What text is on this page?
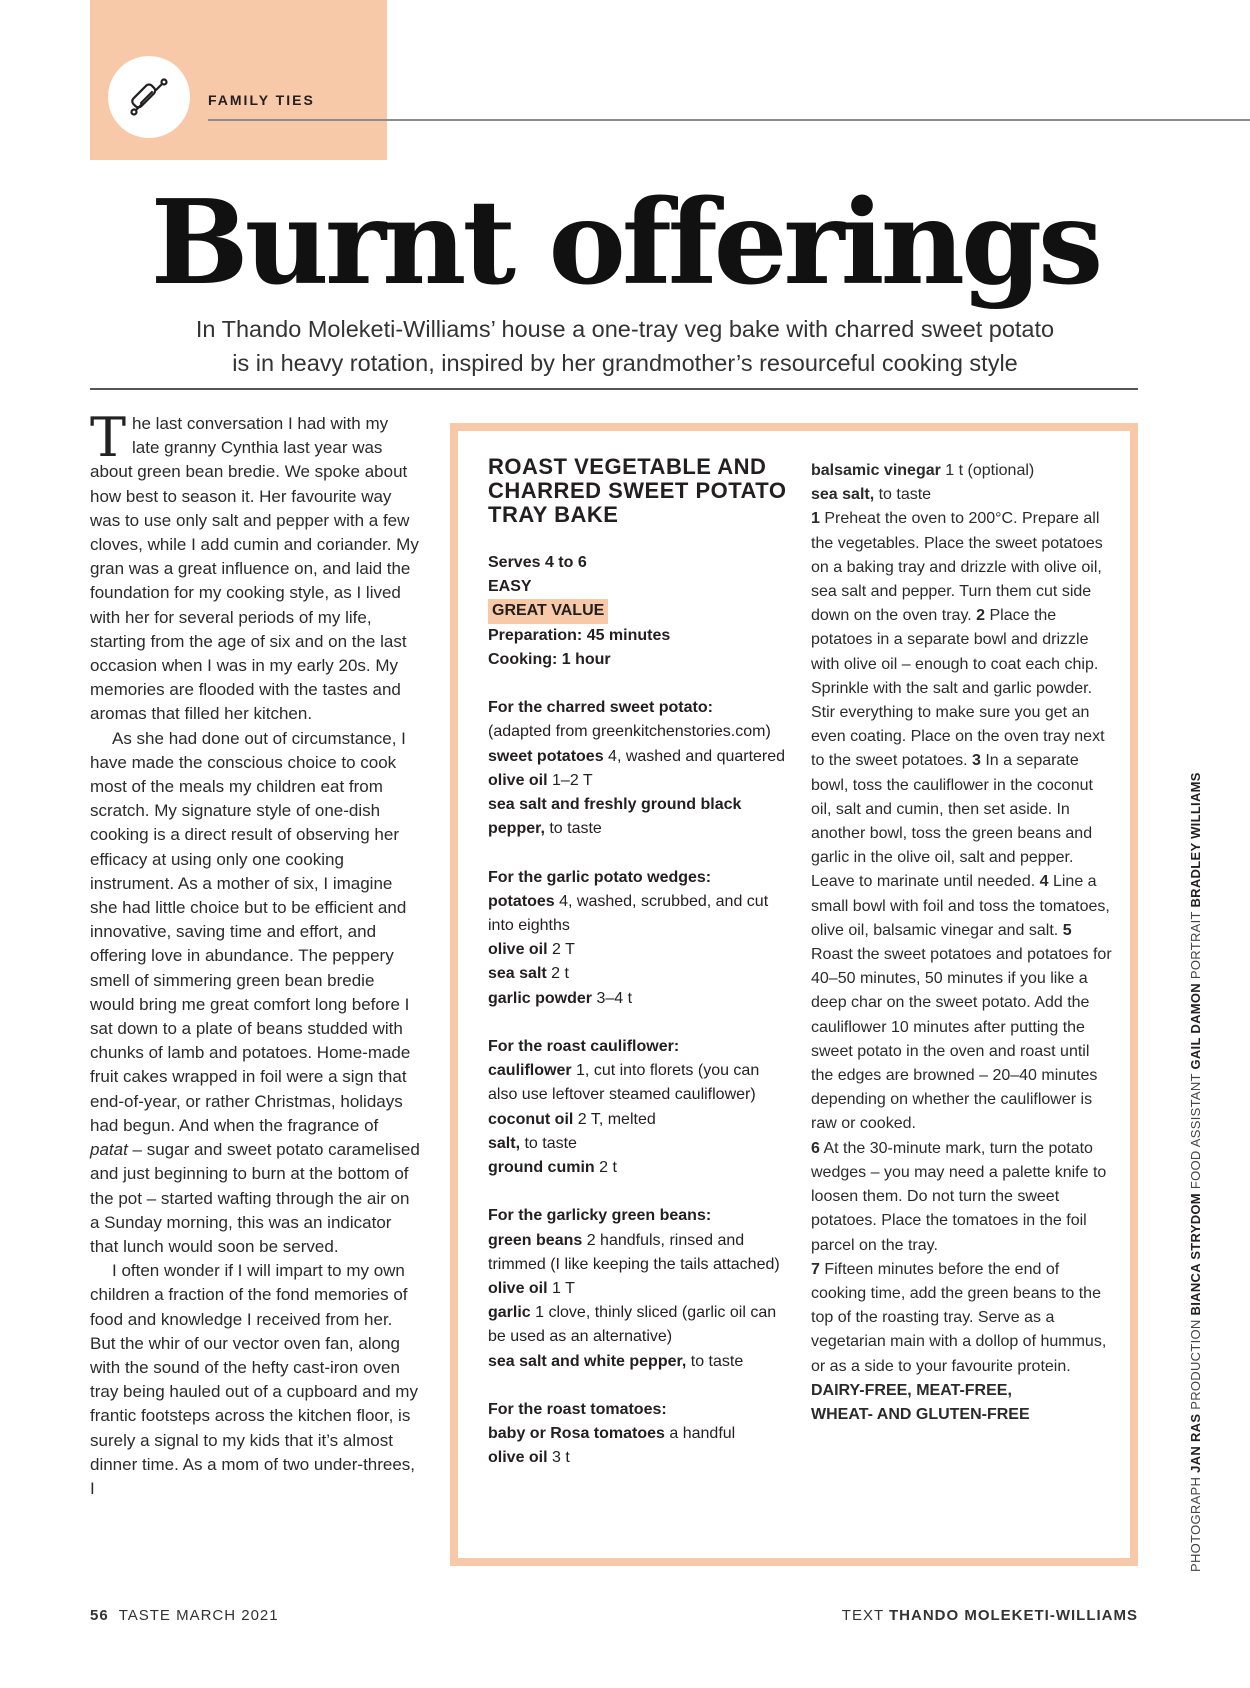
FAMILY TIES
Burnt offerings
In Thando Moleketi-Williams’ house a one-tray veg bake with charred sweet potato
is in heavy rotation, inspired by her grandmother’s resourceful cooking style

The last conversation I had with my late granny Cynthia last year was about green bean bredie. We spoke about how best to season it. Her favourite way was to use only salt and pepper with a few cloves, while I add cumin and coriander. My gran was a great influence on, and laid the foundation for my cooking style, as I lived with her for several periods of my life, starting from the age of six and on the last occasion when I was in my early 20s. My memories are flooded with the tastes and aromas that filled her kitchen.

As she had done out of circumstance, I have made the conscious choice to cook most of the meals my children eat from scratch. My signature style of one-dish cooking is a direct result of observing her efficacy at using only one cooking instrument. As a mother of six, I imagine she had little choice but to be efficient and innovative, saving time and effort, and offering love in abundance. The peppery smell of simmering green bean bredie would bring me great comfort long before I sat down to a plate of beans studded with chunks of lamb and potatoes. Home-made fruit cakes wrapped in foil were a sign that end-of-year, or rather Christmas, holidays had begun. And when the fragrance of patat – sugar and sweet potato caramelised and just beginning to burn at the bottom of the pot – started wafting through the air on a Sunday morning, this was an indicator that lunch would soon be served.

I often wonder if I will impart to my own children a fraction of the fond memories of food and knowledge I received from her. But the whir of our vector oven fan, along with the sound of the hefty cast-iron oven tray being hauled out of a cupboard and my frantic footsteps across the kitchen floor, is surely a signal to my kids that it’s almost dinner time. As a mom of two under-threes, I

ROAST VEGETABLE AND CHARRED SWEET POTATO TRAY BAKE
Serves 4 to 6
EASY
GREAT VALUE
Preparation: 45 minutes
Cooking: 1 hour
For the charred sweet potato:
(adapted from greenkitchenstories.com)
sweet potatoes 4, washed and quartered
olive oil 1–2 T
sea salt and freshly ground black pepper, to taste
For the garlic potato wedges:
potatoes 4, washed, scrubbed, and cut into eighths
olive oil 2 T
sea salt 2 t
garlic powder 3–4 t
For the roast cauliflower:
cauliflower 1, cut into florets (you can also use leftover steamed cauliflower)
coconut oil 2 T, melted
salt, to taste
ground cumin 2 t
For the garlicky green beans:
green beans 2 handfuls, rinsed and trimmed (I like keeping the tails attached)
olive oil 1 T
garlic 1 clove, thinly sliced (garlic oil can be used as an alternative)
sea salt and white pepper, to taste
For the roast tomatoes:
baby or Rosa tomatoes a handful
olive oil 3 t
balsamic vinegar 1 t (optional)
sea salt, to taste

1 Preheat the oven to 200°C. Prepare all the vegetables. Place the sweet potatoes on a baking tray and drizzle with olive oil, sea salt and pepper. Turn them cut side down on the oven tray. 2 Place the potatoes in a separate bowl and drizzle with olive oil – enough to coat each chip. Sprinkle with the salt and garlic powder. Stir everything to make sure you get an even coating. Place on the oven tray next to the sweet potatoes. 3 In a separate bowl, toss the cauliflower in the coconut oil, salt and cumin, then set aside. In another bowl, toss the green beans and garlic in the olive oil, salt and pepper. Leave to marinate until needed. 4 Line a small bowl with foil and toss the tomatoes, olive oil, balsamic vinegar and salt. 5 Roast the sweet potatoes and potatoes for 40–50 minutes, 50 minutes if you like a deep char on the sweet potato. Add the cauliflower 10 minutes after putting the sweet potato in the oven and roast until the edges are browned – 20–40 minutes depending on whether the cauliflower is raw or cooked.

6 At the 30-minute mark, turn the potato wedges – you may need a palette knife to loosen them. Do not turn the sweet potatoes. Place the tomatoes in the foil parcel on the tray.

7 Fifteen minutes before the end of cooking time, add the green beans to the top of the roasting tray. Serve as a vegetarian main with a dollop of hummus, or as a side to your favourite protein.

DAIRY-FREE, MEAT-FREE,
WHEAT- AND GLUTEN-FREE
PHOTOGRAPH JAN RAS PRODUCTION BIANCA STRYDOM FOOD ASSISTANT GAIL DAMON PORTRAIT BRADLEY WILLIAMS
56 TASTE MARCH 2021	TEXT THANDO MOLEKETI-WILLIAMS
